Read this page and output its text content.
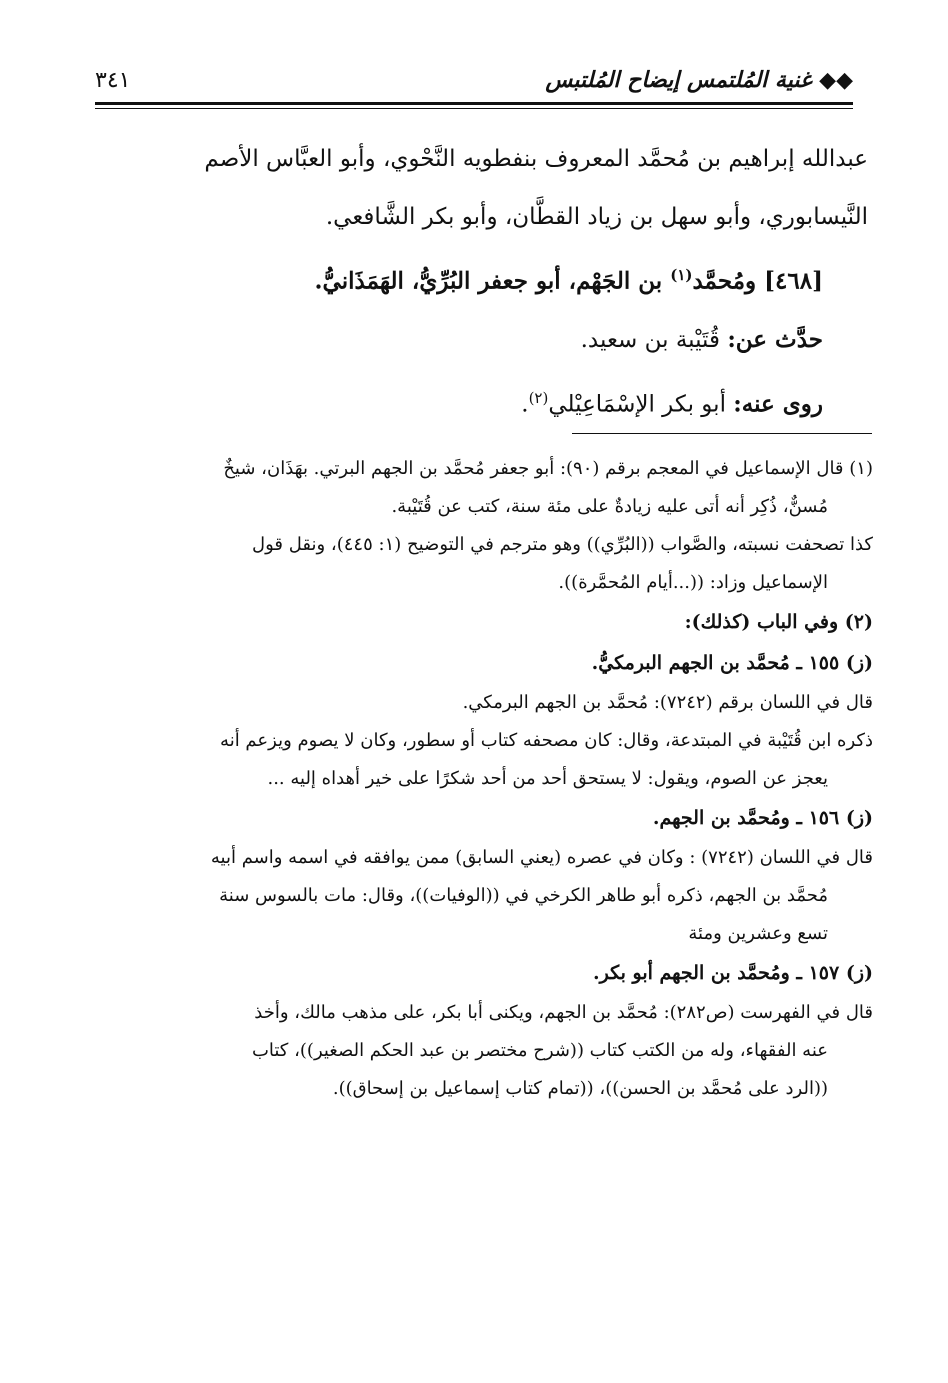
◆◆ غنية المُلتمس إيضاح المُلتبس
٣٤١

عبدالله إبراهيم بن مُحمَّد المعروف بنفطويه النَّحْوي، وأبو العبَّاس الأصم

النَّيسابوري، وأبو سهل بن زياد القطَّان، وأبو بكر الشَّافعي.

[٤٦٨] ومُحمَّد$^{(١)}$ بن الجَهْم، أبو جعفر البُرِّيُّ، الهَمَذَانيُّ.

حدَّث عن: قُتَيْبة بن سعيد.

روى عنه: أبو بكر الإسْمَاعِيْلي$^{(٢)}$.

(١) قال الإسماعيل في المعجم برقم (٩٠): أبو جعفر مُحمَّد بن الجهم البرتي. بهَذَان، شيخٌ

مُسنٌّ، ذُكِر أنه أتى عليه زيادةٌ على مئة سنة، كتب عن قُتَيْبة.

كذا تصحفت نسبته، والصَّواب ((البُرِّي)) وهو مترجم في التوضيح (١: ٤٤٥)، ونقل قول

الإسماعيل وزاد: ((...أيام المُحمَّرة)).

(٢) وفي الباب (كذلك):

(ز) ١٥٥ ـ مُحمَّد بن الجهم البرمكيُّ.

قال في اللسان برقم (٧٢٤٢): مُحمَّد بن الجهم البرمكي.

ذكره ابن قُتَيْبة في المبتدعة، وقال: كان مصحفه كتاب أو سطور، وكان لا يصوم ويزعم أنه

يعجز عن الصوم، ويقول: لا يستحق أحد من أحد شكرًا على خير أهداه إليه ...

(ز) ١٥٦ ـ ومُحمَّد بن الجهم.

قال في اللسان (٧٢٤٢) : وكان في عصره (يعني السابق) ممن يوافقه في اسمه واسم أبيه

مُحمَّد بن الجهم، ذكره أبو طاهر الكرخي في ((الوفيات))، وقال: مات بالسوس سنة

تسع وعشرين ومئة

(ز) ١٥٧ ـ ومُحمَّد بن الجهم أبو بكر.

قال في الفهرست (ص٢٨٢): مُحمَّد بن الجهم، ويكنى أبا بكر، على مذهب مالك، وأخذ

عنه الفقهاء، وله من الكتب كتاب ((شرح مختصر بن عبد الحكم الصغير))، كتاب

((الرد على مُحمَّد بن الحسن))، ((تمام كتاب إسماعيل بن إسحاق)).
